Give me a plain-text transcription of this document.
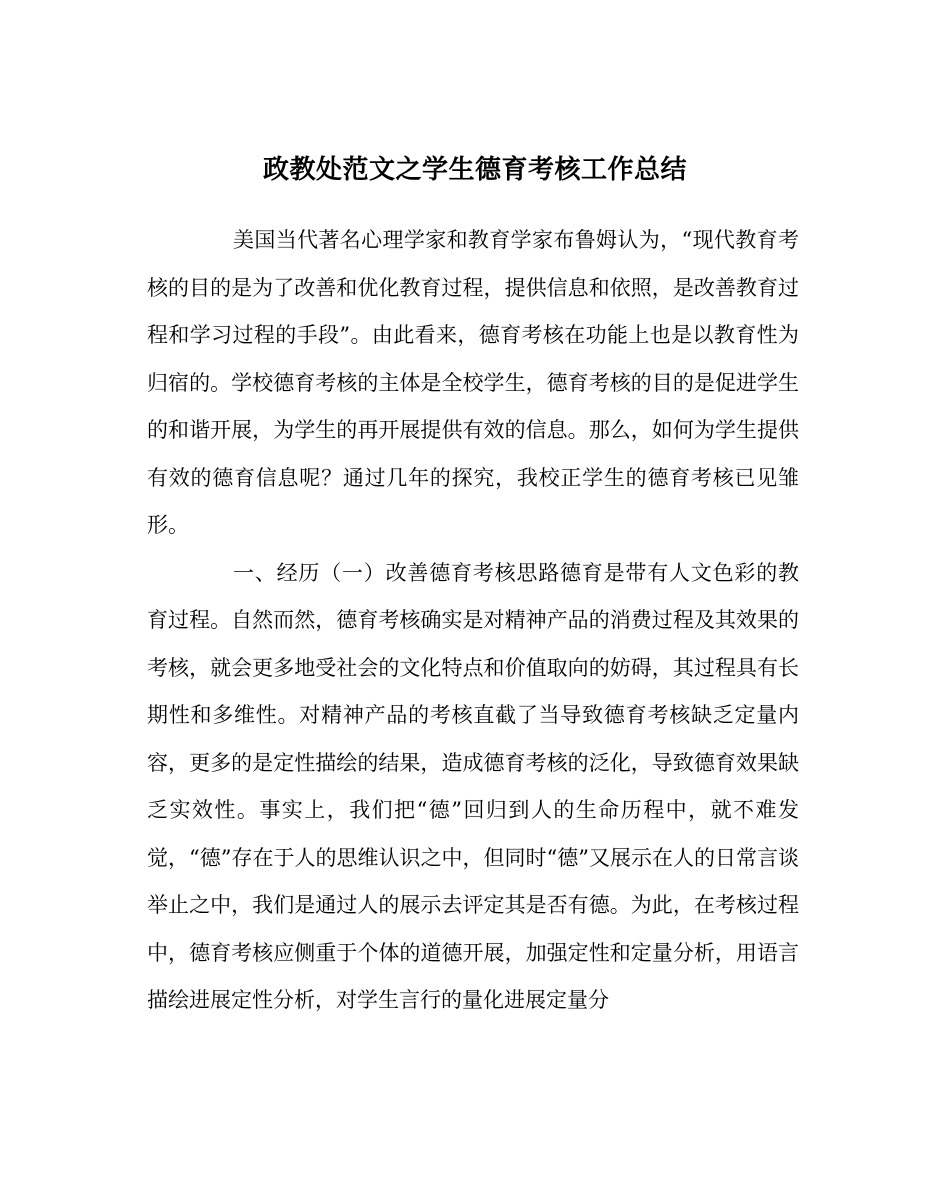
政教处范文之学生德育考核工作总结

美国当代著名心理学家和教育学家布鲁姆认为，“现代教育考核的目的是为了改善和优化教育过程，提供信息和依照，是改善教育过程和学习过程的手段”。由此看来，德育考核在功能上也是以教育性为归宿的。学校德育考核的主体是全校学生，德育考核的目的是促进学生的和谐开展，为学生的再开展提供有效的信息。那么，如何为学生提供有效的德育信息呢？通过几年的探究，我校正学生的德育考核已见雏形。

一、经历（一）改善德育考核思路德育是带有人文色彩的教育过程。自然而然，德育考核确实是对精神产品的消费过程及其效果的考核，就会更多地受社会的文化特点和价值取向的妨碍，其过程具有长期性和多维性。对精神产品的考核直截了当导致德育考核缺乏定量内容，更多的是定性描绘的结果，造成德育考核的泛化，导致德育效果缺乏实效性。事实上，我们把“德”回归到人的生命历程中，就不难发觉，“德”存在于人的思维认识之中，但同时“德”又展示在人的日常言谈举止之中，我们是通过人的展示去评定其是否有德。为此，在考核过程中，德育考核应侧重于个体的道德开展，加强定性和定量分析，用语言描绘进展定性分析，对学生言行的量化进展定量分
